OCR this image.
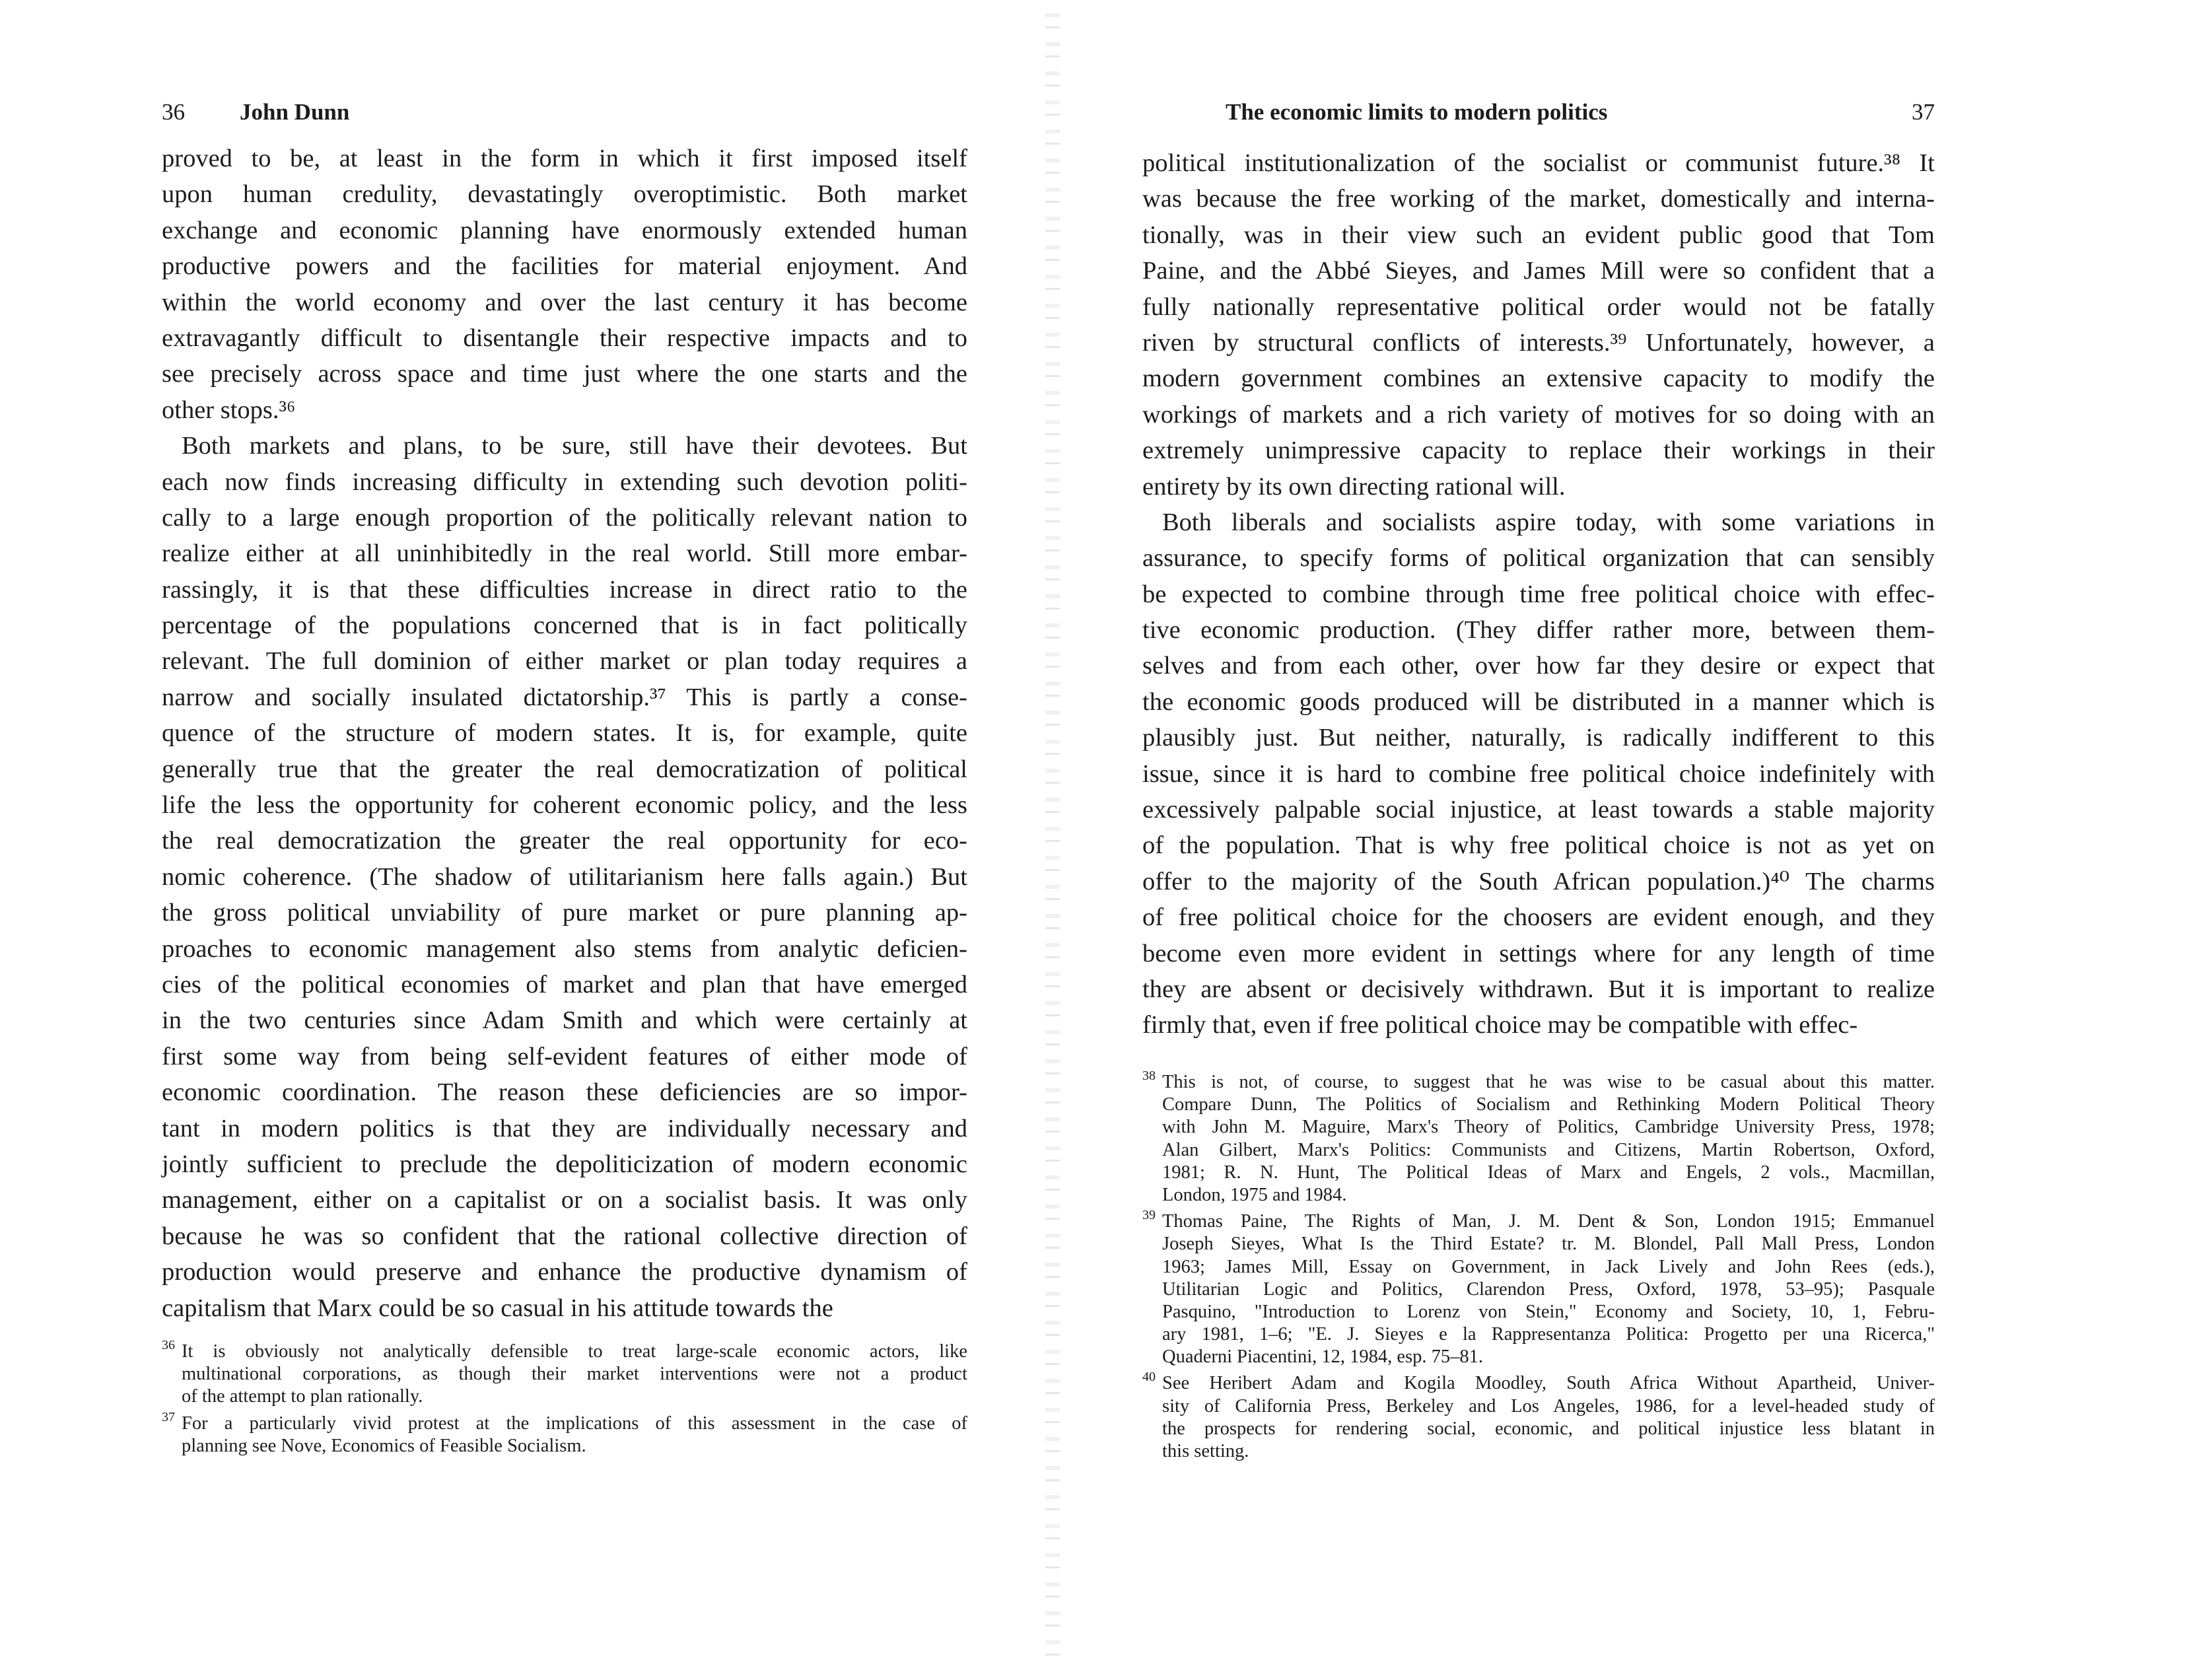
36 John Dunn
proved to be, at least in the form in which it first imposed itself
upon human credulity, devastatingly overoptimistic. Both market
exchange and economic planning have enormously extended human
productive powers and the facilities for material enjoyment. And
within the world economy and over the last century it has become
extravagantly difficult to disentangle their respective impacts and to
see precisely across space and time just where the one starts and the
other stops.³⁶
Both markets and plans, to be sure, still have their devotees. But
each now finds increasing difficulty in extending such devotion politi-
cally to a large enough proportion of the politically relevant nation to
realize either at all uninhibitedly in the real world. Still more embar-
rassingly, it is that these difficulties increase in direct ratio to the
percentage of the populations concerned that is in fact politically
relevant. The full dominion of either market or plan today requires a
narrow and socially insulated dictatorship.³⁷ This is partly a conse-
quence of the structure of modern states. It is, for example, quite
generally true that the greater the real democratization of political
life the less the opportunity for coherent economic policy, and the less
the real democratization the greater the real opportunity for eco-
nomic coherence. (The shadow of utilitarianism here falls again.) But
the gross political unviability of pure market or pure planning ap-
proaches to economic management also stems from analytic deficien-
cies of the political economies of market and plan that have emerged
in the two centuries since Adam Smith and which were certainly at
first some way from being self-evident features of either mode of
economic coordination. The reason these deficiencies are so impor-
tant in modern politics is that they are individually necessary and
jointly sufficient to preclude the depoliticization of modern economic
management, either on a capitalist or on a socialist basis. It was only
because he was so confident that the rational collective direction of
production would preserve and enhance the productive dynamism of
capitalism that Marx could be so casual in his attitude towards the
36 It is obviously not analytically defensible to treat large-scale economic actors, like
multinational corporations, as though their market interventions were not a product
of the attempt to plan rationally.
37 For a particularly vivid protest at the implications of this assessment in the case of
planning see Nove, Economics of Feasible Socialism.
The economic limits to modern politics	37
political institutionalization of the socialist or communist future.³⁸ It
was because the free working of the market, domestically and interna-
tionally, was in their view such an evident public good that Tom
Paine, and the Abbé Sieyes, and James Mill were so confident that a
fully nationally representative political order would not be fatally
riven by structural conflicts of interests.³⁹ Unfortunately, however, a
modern government combines an extensive capacity to modify the
workings of markets and a rich variety of motives for so doing with an
extremely unimpressive capacity to replace their workings in their
entirety by its own directing rational will.
Both liberals and socialists aspire today, with some variations in
assurance, to specify forms of political organization that can sensibly
be expected to combine through time free political choice with effec-
tive economic production. (They differ rather more, between them-
selves and from each other, over how far they desire or expect that
the economic goods produced will be distributed in a manner which is
plausibly just. But neither, naturally, is radically indifferent to this
issue, since it is hard to combine free political choice indefinitely with
excessively palpable social injustice, at least towards a stable majority
of the population. That is why free political choice is not as yet on
offer to the majority of the South African population.)⁴⁰ The charms
of free political choice for the choosers are evident enough, and they
become even more evident in settings where for any length of time
they are absent or decisively withdrawn. But it is important to realize
firmly that, even if free political choice may be compatible with effec-
38 This is not, of course, to suggest that he was wise to be casual about this matter.
Compare Dunn, The Politics of Socialism and Rethinking Modern Political Theory
with John M. Maguire, Marx's Theory of Politics, Cambridge University Press, 1978;
Alan Gilbert, Marx's Politics: Communists and Citizens, Martin Robertson, Oxford,
1981; R. N. Hunt, The Political Ideas of Marx and Engels, 2 vols., Macmillan,
London, 1975 and 1984.
39 Thomas Paine, The Rights of Man, J. M. Dent & Son, London 1915; Emmanuel
Joseph Sieyes, What Is the Third Estate? tr. M. Blondel, Pall Mall Press, London
1963; James Mill, Essay on Government, in Jack Lively and John Rees (eds.),
Utilitarian Logic and Politics, Clarendon Press, Oxford, 1978, 53–95); Pasquale
Pasquino, "Introduction to Lorenz von Stein," Economy and Society, 10, 1, Febru-
ary 1981, 1–6; "E. J. Sieyes e la Rappresentanza Politica: Progetto per una Ricerca,"
Quaderni Piacentini, 12, 1984, esp. 75–81.
40 See Heribert Adam and Kogila Moodley, South Africa Without Apartheid, Univer-
sity of California Press, Berkeley and Los Angeles, 1986, for a level-headed study of
the prospects for rendering social, economic, and political injustice less blatant in
this setting.
